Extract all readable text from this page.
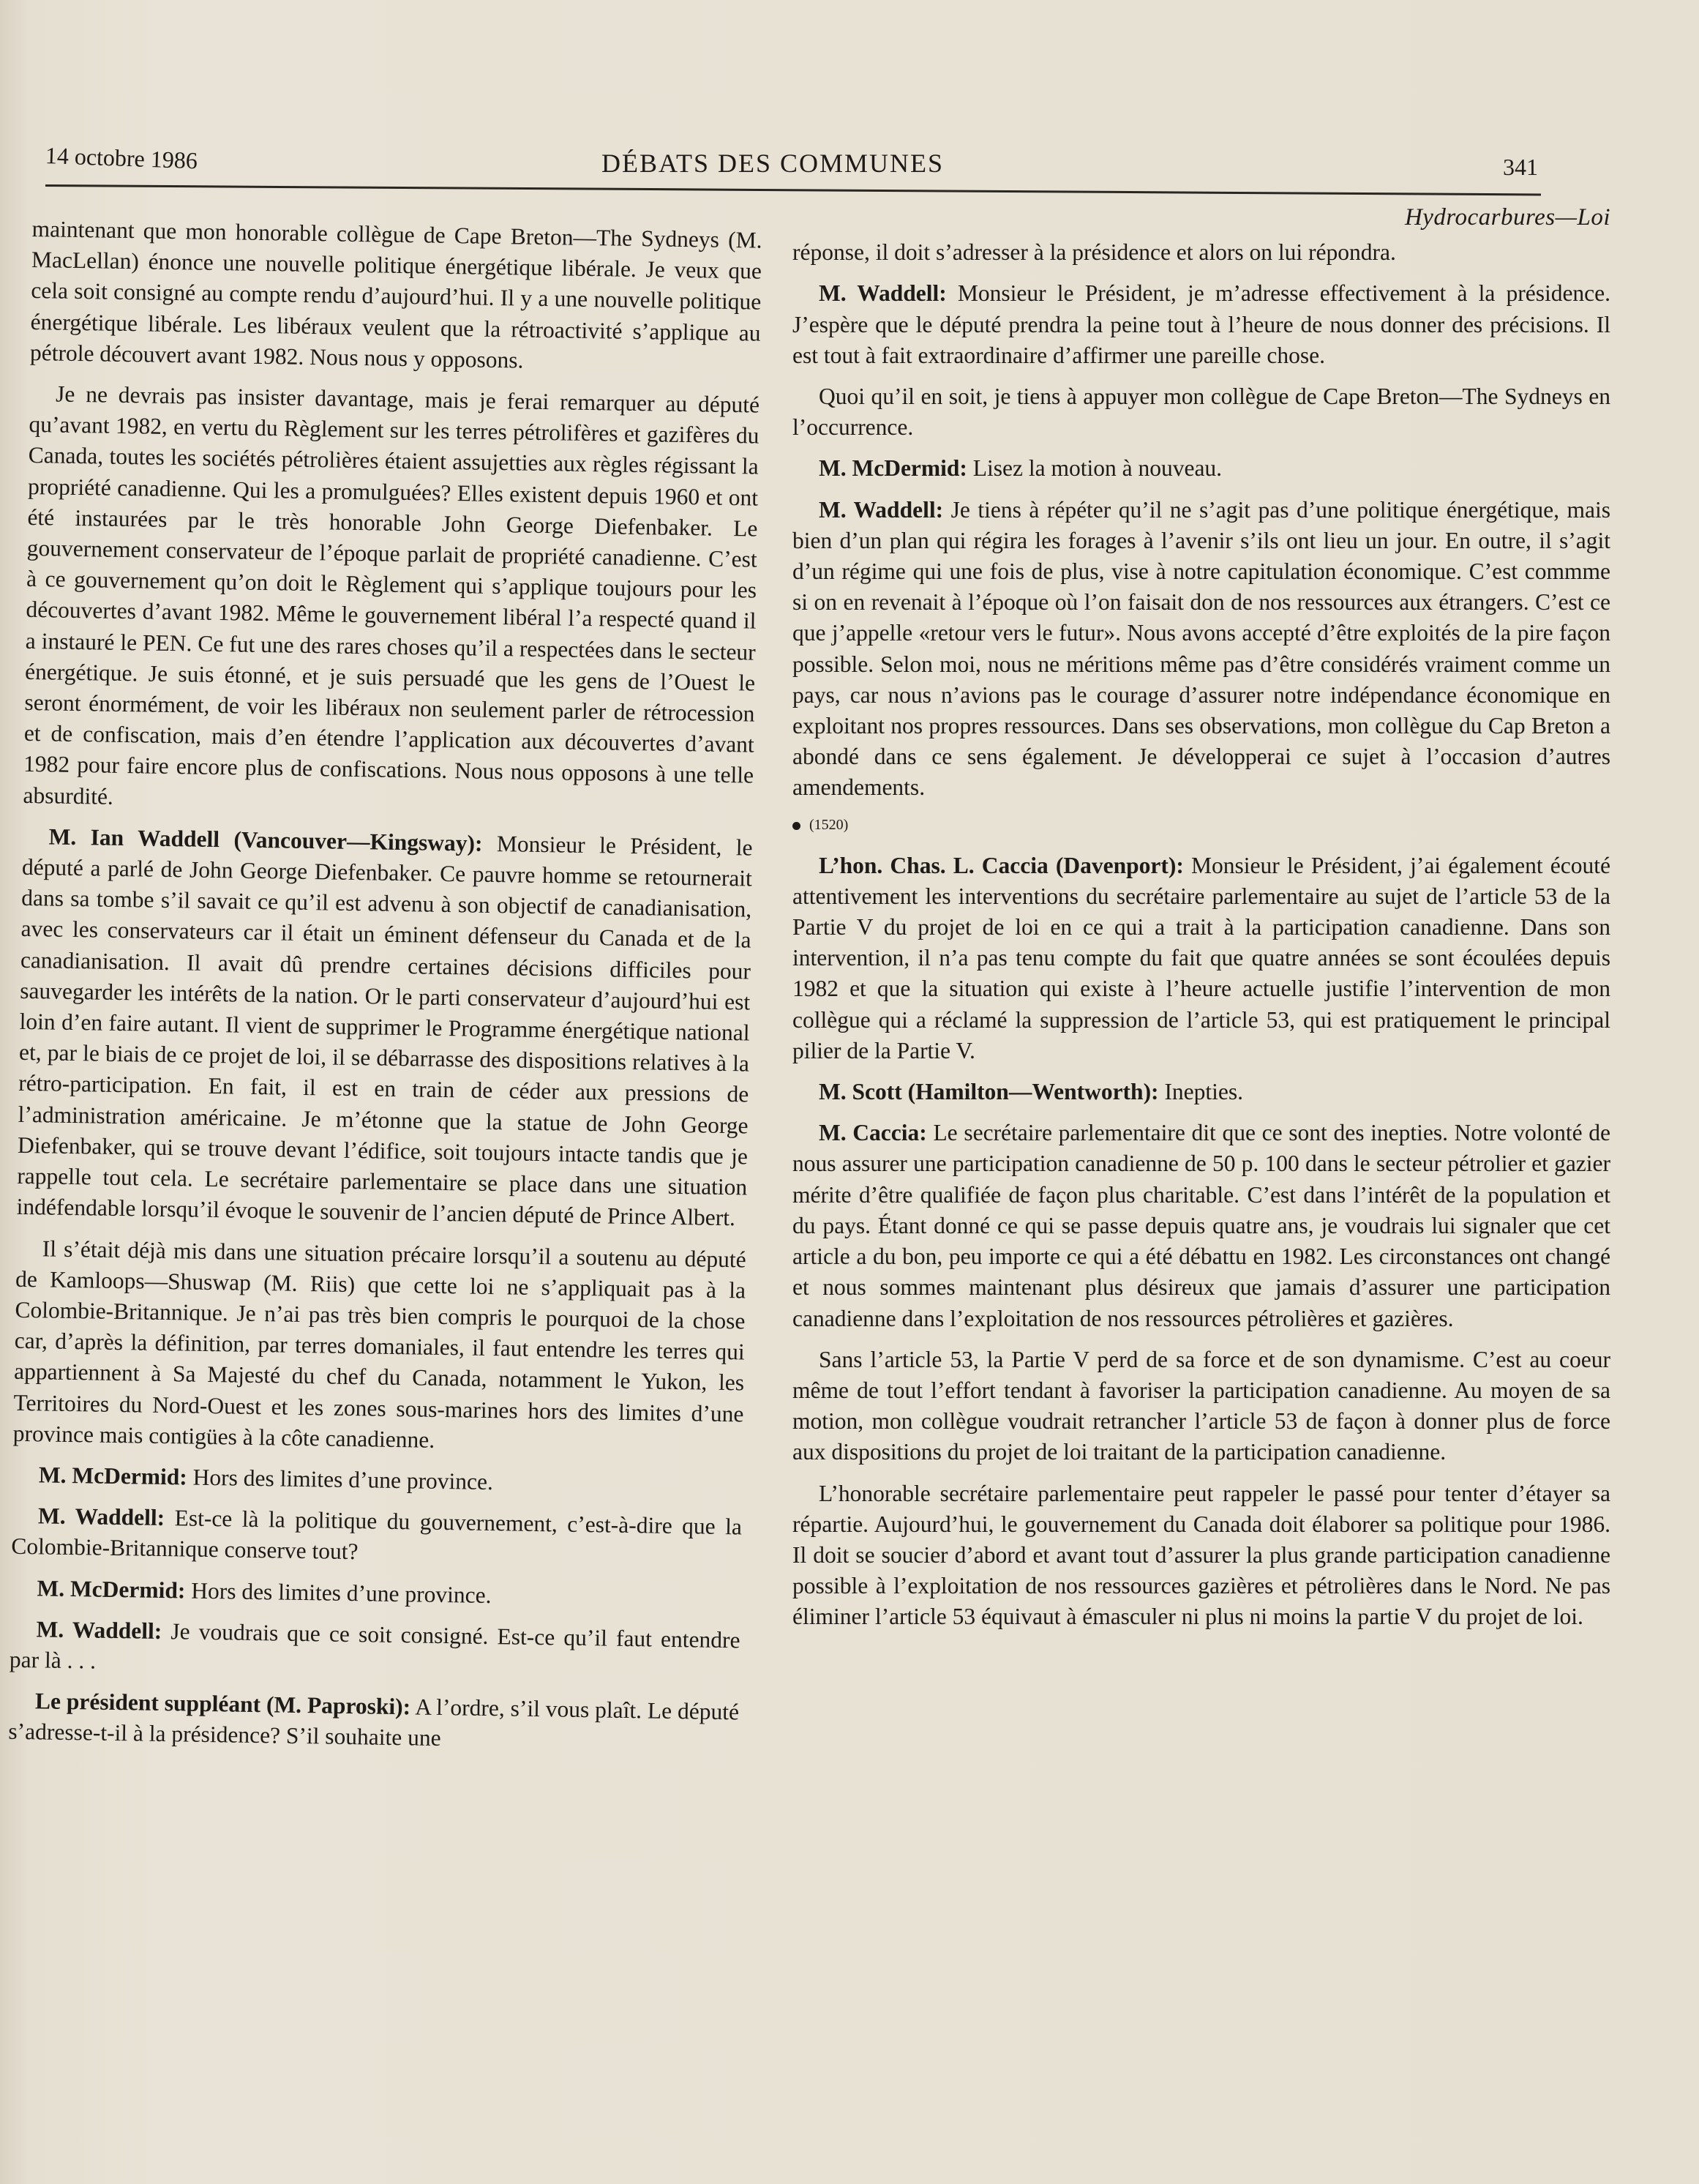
14 octobre 1986	DÉBATS DES COMMUNES	341

maintenant que mon honorable collègue de Cape Breton—The Sydneys (M. MacLellan) énonce une nouvelle politique énergétique libérale. Je veux que cela soit consigné au compte rendu d’aujourd’hui. Il y a une nouvelle politique énergétique libérale. Les libéraux veulent que la rétroactivité s’applique au pétrole découvert avant 1982. Nous nous y opposons.

Je ne devrais pas insister davantage, mais je ferai remarquer au député qu’avant 1982, en vertu du Règlement sur les terres pétrolifères et gazifères du Canada, toutes les sociétés pétrolières étaient assujetties aux règles régissant la propriété canadienne. Qui les a promulguées? Elles existent depuis 1960 et ont été instaurées par le très honorable John George Diefenbaker. Le gouvernement conservateur de l’époque parlait de propriété canadienne. C’est à ce gouvernement qu’on doit le Règlement qui s’applique toujours pour les découvertes d’avant 1982. Même le gouvernement libéral l’a respecté quand il a instauré le PEN. Ce fut une des rares choses qu’il a respectées dans le secteur énergétique. Je suis étonné, et je suis persuadé que les gens de l’Ouest le seront énormément, de voir les libéraux non seulement parler de rétrocession et de confiscation, mais d’en étendre l’application aux découvertes d’avant 1982 pour faire encore plus de confiscations. Nous nous opposons à une telle absurdité.

M. Ian Waddell (Vancouver—Kingsway): Monsieur le Président, le député a parlé de John George Diefenbaker. Ce pauvre homme se retournerait dans sa tombe s’il savait ce qu’il est advenu à son objectif de canadianisation, avec les conservateurs car il était un éminent défenseur du Canada et de la canadianisation. Il avait dû prendre certaines décisions difficiles pour sauvegarder les intérêts de la nation. Or le parti conservateur d’aujourd’hui est loin d’en faire autant. Il vient de supprimer le Programme énergétique national et, par le biais de ce projet de loi, il se débarrasse des dispositions relatives à la rétro-participation. En fait, il est en train de céder aux pressions de l’administration américaine. Je m’étonne que la statue de John George Diefenbaker, qui se trouve devant l’édifice, soit toujours intacte tandis que je rappelle tout cela. Le secrétaire parlementaire se place dans une situation indéfendable lorsqu’il évoque le souvenir de l’ancien député de Prince Albert.

Il s’était déjà mis dans une situation précaire lorsqu’il a soutenu au député de Kamloops—Shuswap (M. Riis) que cette loi ne s’appliquait pas à la Colombie-Britannique. Je n’ai pas très bien compris le pourquoi de la chose car, d’après la définition, par terres domaniales, il faut entendre les terres qui appartiennent à Sa Majesté du chef du Canada, notamment le Yukon, les Territoires du Nord-Ouest et les zones sous-marines hors des limites d’une province mais contigües à la côte canadienne.

M. McDermid: Hors des limites d’une province.

M. Waddell: Est-ce là la politique du gouvernement, c’est-à-dire que la Colombie-Britannique conserve tout?

M. McDermid: Hors des limites d’une province.

M. Waddell: Je voudrais que ce soit consigné. Est-ce qu’il faut entendre par là . . .

Le président suppléant (M. Paproski): A l’ordre, s’il vous plaît. Le député s’adresse-t-il à la présidence? S’il souhaite une

Hydrocarbures—Loi

réponse, il doit s’adresser à la présidence et alors on lui répondra.

M. Waddell: Monsieur le Président, je m’adresse effectivement à la présidence. J’espère que le député prendra la peine tout à l’heure de nous donner des précisions. Il est tout à fait extraordinaire d’affirmer une pareille chose.

Quoi qu’il en soit, je tiens à appuyer mon collègue de Cape Breton—The Sydneys en l’occurrence.

M. McDermid: Lisez la motion à nouveau.

M. Waddell: Je tiens à répéter qu’il ne s’agit pas d’une politique énergétique, mais bien d’un plan qui régira les forages à l’avenir s’ils ont lieu un jour. En outre, il s’agit d’un régime qui une fois de plus, vise à notre capitulation économique. C’est commme si on en revenait à l’époque où l’on faisait don de nos ressources aux étrangers. C’est ce que j’appelle «retour vers le futur». Nous avons accepté d’être exploités de la pire façon possible. Selon moi, nous ne méritions même pas d’être considérés vraiment comme un pays, car nous n’avions pas le courage d’assurer notre indépendance économique en exploitant nos propres ressources. Dans ses observations, mon collègue du Cap Breton a abondé dans ce sens également. Je développerai ce sujet à l’occasion d’autres amendements.

(1520)

L’hon. Chas. L. Caccia (Davenport): Monsieur le Président, j’ai également écouté attentivement les interventions du secrétaire parlementaire au sujet de l’article 53 de la Partie V du projet de loi en ce qui a trait à la participation canadienne. Dans son intervention, il n’a pas tenu compte du fait que quatre années se sont écoulées depuis 1982 et que la situation qui existe à l’heure actuelle justifie l’intervention de mon collègue qui a réclamé la suppression de l’article 53, qui est pratiquement le principal pilier de la Partie V.

M. Scott (Hamilton—Wentworth): Inepties.

M. Caccia: Le secrétaire parlementaire dit que ce sont des inepties. Notre volonté de nous assurer une participation canadienne de 50 p. 100 dans le secteur pétrolier et gazier mérite d’être qualifiée de façon plus charitable. C’est dans l’intérêt de la population et du pays. Étant donné ce qui se passe depuis quatre ans, je voudrais lui signaler que cet article a du bon, peu importe ce qui a été débattu en 1982. Les circonstances ont changé et nous sommes maintenant plus désireux que jamais d’assurer une participation canadienne dans l’exploitation de nos ressources pétrolières et gazières.

Sans l’article 53, la Partie V perd de sa force et de son dynamisme. C’est au coeur même de tout l’effort tendant à favoriser la participation canadienne. Au moyen de sa motion, mon collègue voudrait retrancher l’article 53 de façon à donner plus de force aux dispositions du projet de loi traitant de la participation canadienne.

L’honorable secrétaire parlementaire peut rappeler le passé pour tenter d’étayer sa répartie. Aujourd’hui, le gouvernement du Canada doit élaborer sa politique pour 1986. Il doit se soucier d’abord et avant tout d’assurer la plus grande participation canadienne possible à l’exploitation de nos ressources gazières et pétrolières dans le Nord. Ne pas éliminer l’article 53 équivaut à émasculer ni plus ni moins la partie V du projet de loi.
